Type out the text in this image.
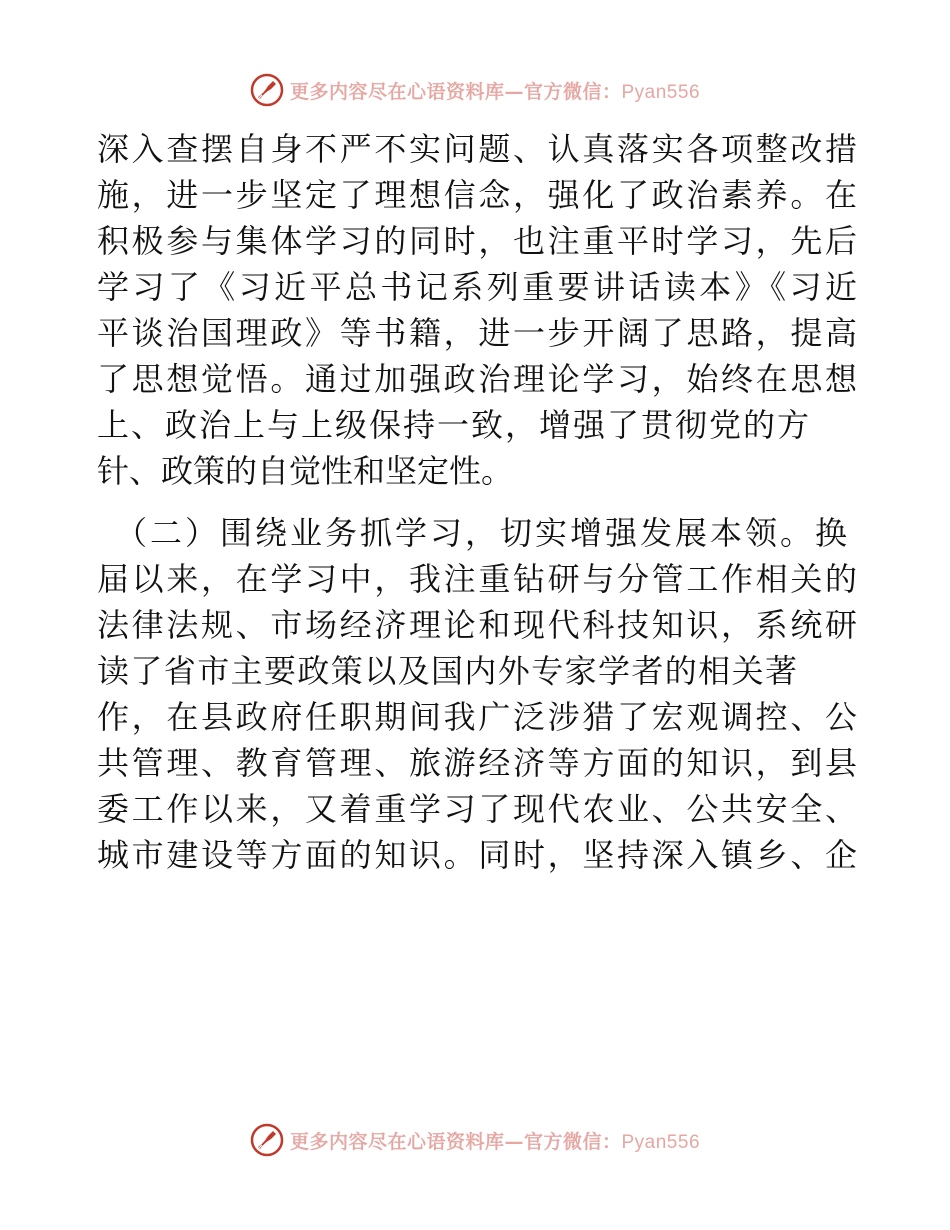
更多内容尽在心语资料库—官方微信：Pyan556
深入查摆自身不严不实问题、认真落实各项整改措
施，进一步坚定了理想信念，强化了政治素养。在
积极参与集体学习的同时，也注重平时学习，先后
学习了《习近平总书记系列重要讲话读本》《习近
平谈治国理政》等书籍，进一步开阔了思路，提高
了思想觉悟。通过加强政治理论学习，始终在思想
上、政治上与上级保持一致，增强了贯彻党的方
针、政策的自觉性和坚定性。
（二）围绕业务抓学习，切实增强发展本领。换
届以来，在学习中，我注重钻研与分管工作相关的
法律法规、市场经济理论和现代科技知识，系统研
读了省市主要政策以及国内外专家学者的相关著
作，在县政府任职期间我广泛涉猎了宏观调控、公
共管理、教育管理、旅游经济等方面的知识，到县
委工作以来，又着重学习了现代农业、公共安全、
城市建设等方面的知识。同时，坚持深入镇乡、企
更多内容尽在心语资料库—官方微信：Pyan556
